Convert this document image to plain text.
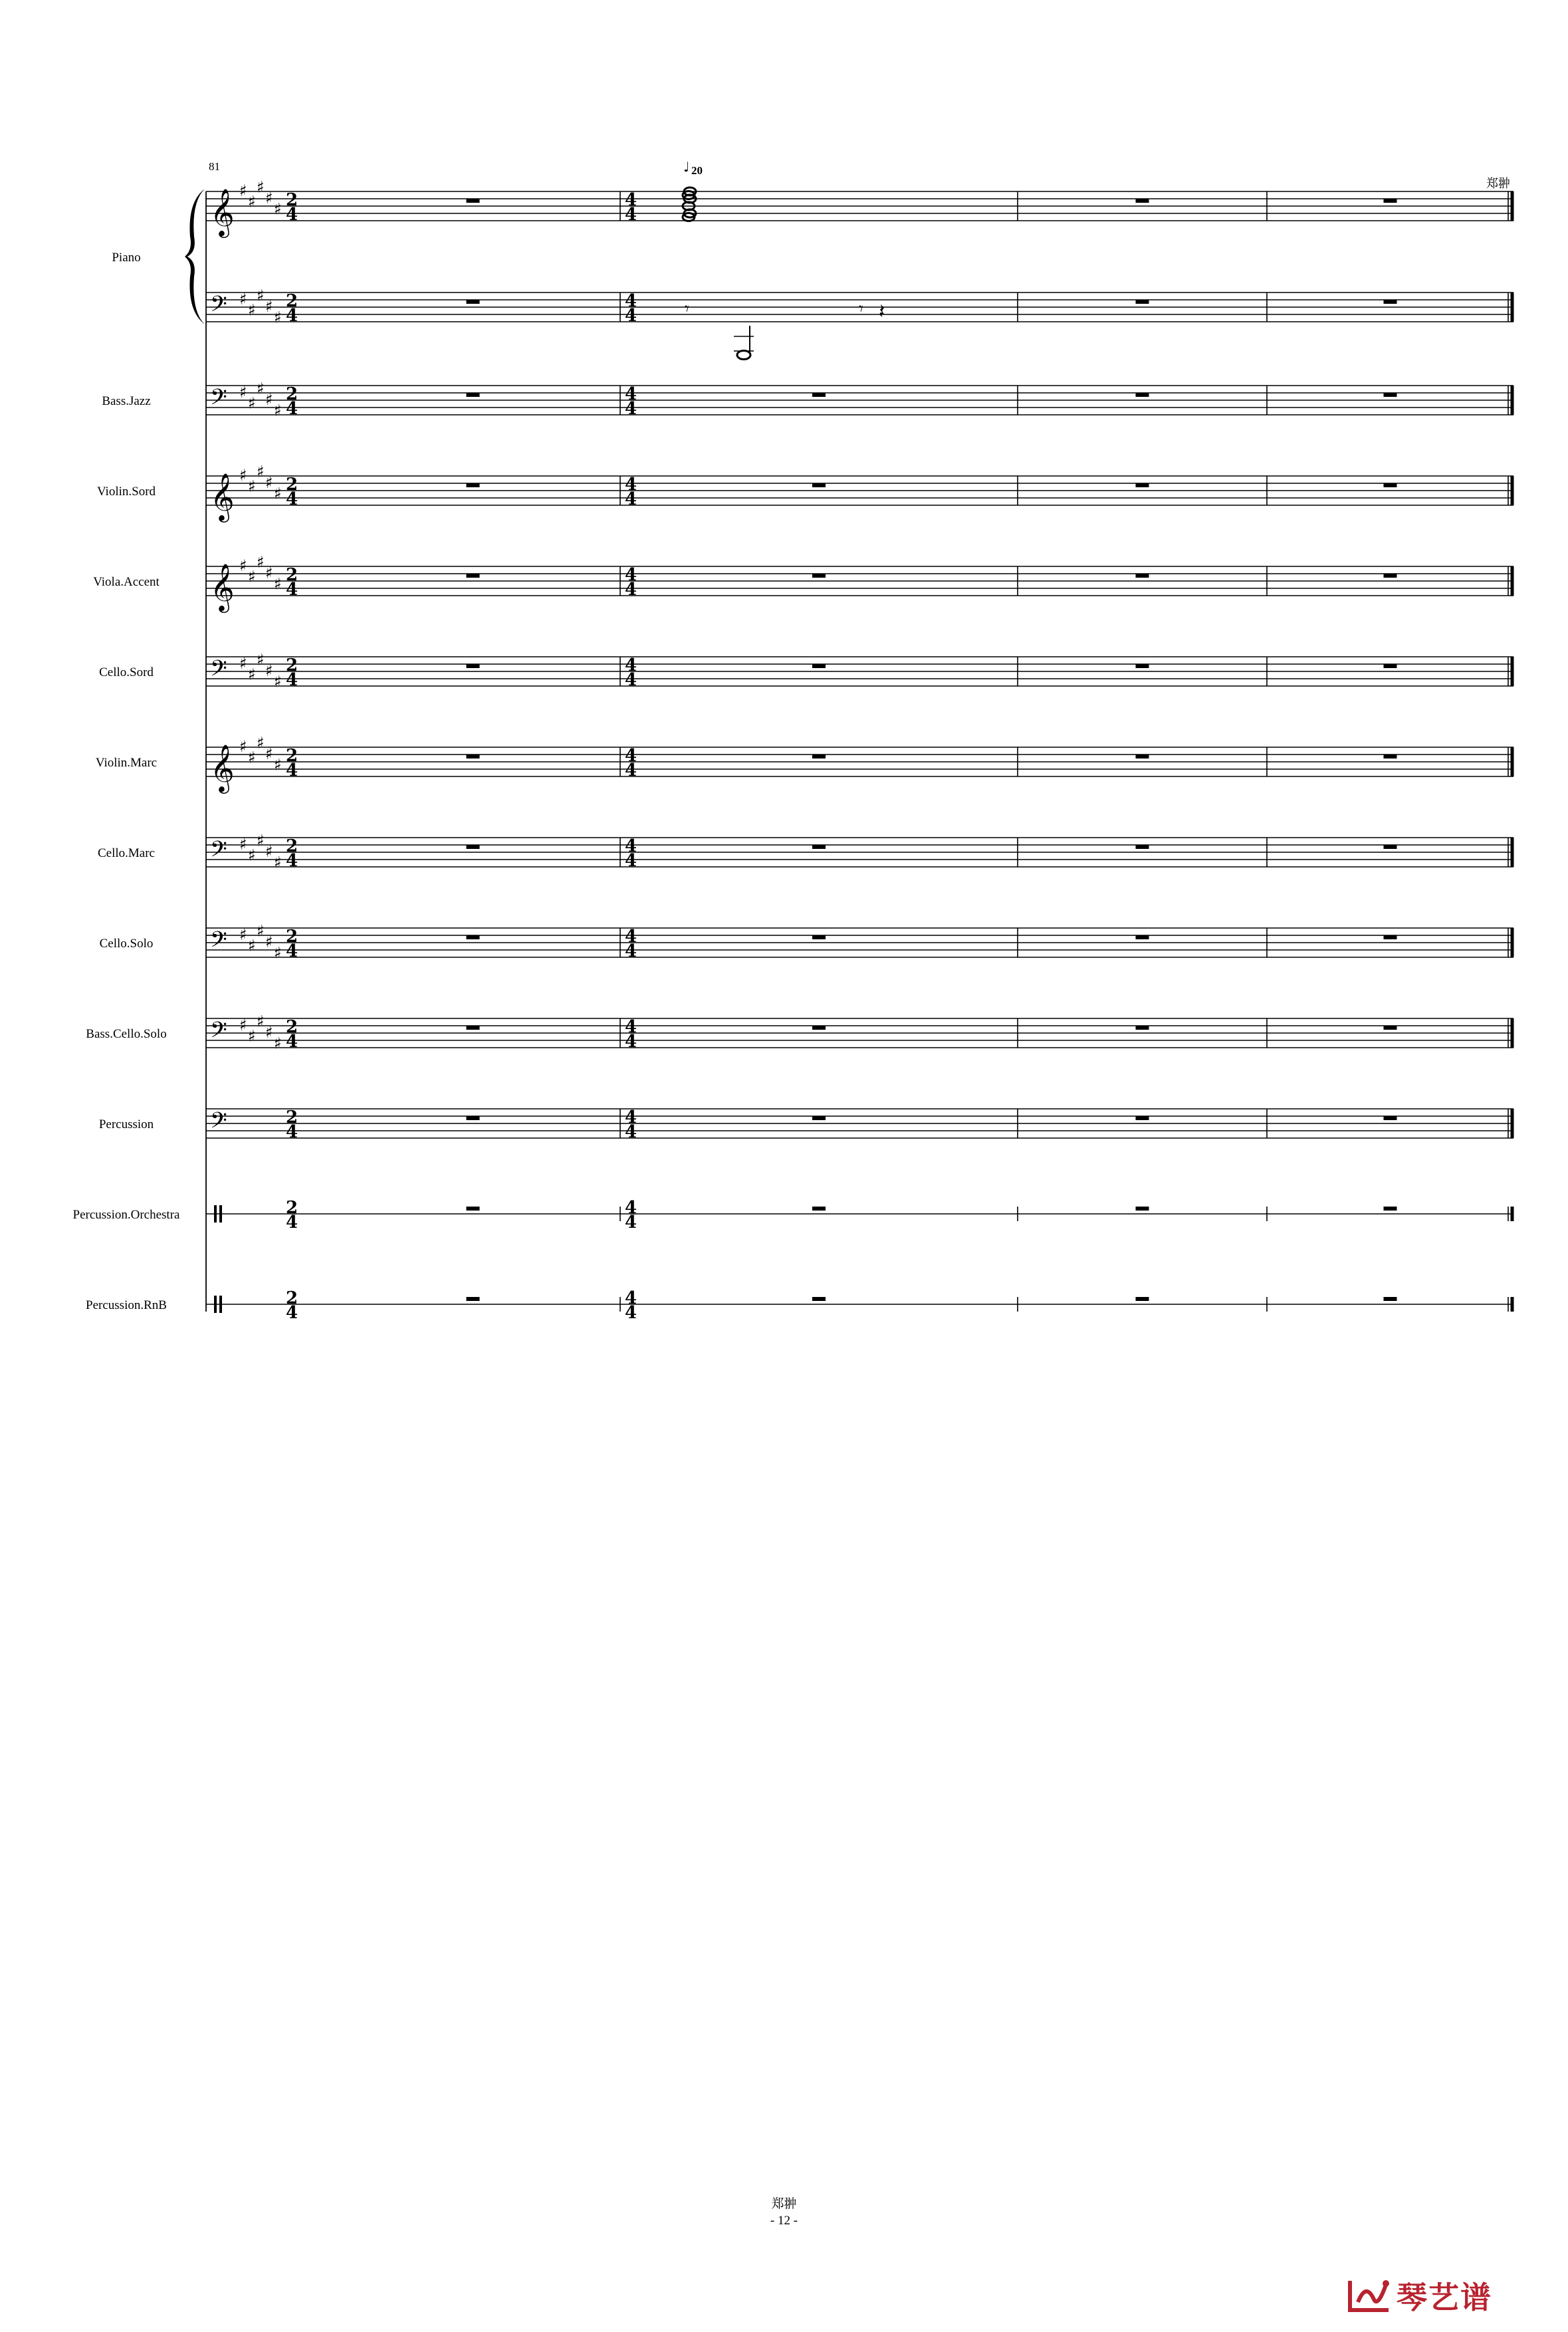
Piano
Bass.Jazz
Violin.Sord
Viola.Accent
Cello.Sord
Violin.Marc
Cello.Marc
Cello.Solo
Bass.Cello.Solo
Percussion
Percussion.Orchestra
Percussion.RnB
𝄞 ♯
♯
♯
♯
♯ 2
4
4
4
𝄢 ♯
♯
♯
♯
♯
2
4
4
4
𝄢 ♯
♯
♯
♯
♯
2
4
4
4
𝄞 ♯
♯
♯
♯
♯ 2
4
4
4
𝄞 ♯
♯
♯
♯
♯ 2
4
4
4
𝄢 ♯
♯
♯
♯
♯
2
4
4
4
𝄞 ♯
♯
♯
♯
♯ 2
4
4
4
𝄢 ♯
♯
♯
♯
♯
2
4
4
4
𝄢 ♯
♯
♯
♯
♯
2
4
4
4
𝄢 ♯
♯
♯
♯
♯
2
4
4
4
𝄢	2
4
4
4
2
4
4
4
2
4
4
4
♩ 20
𝄾	𝄾 𝄽
81
郑翀
郑翀
- 12 -
琴艺谱
